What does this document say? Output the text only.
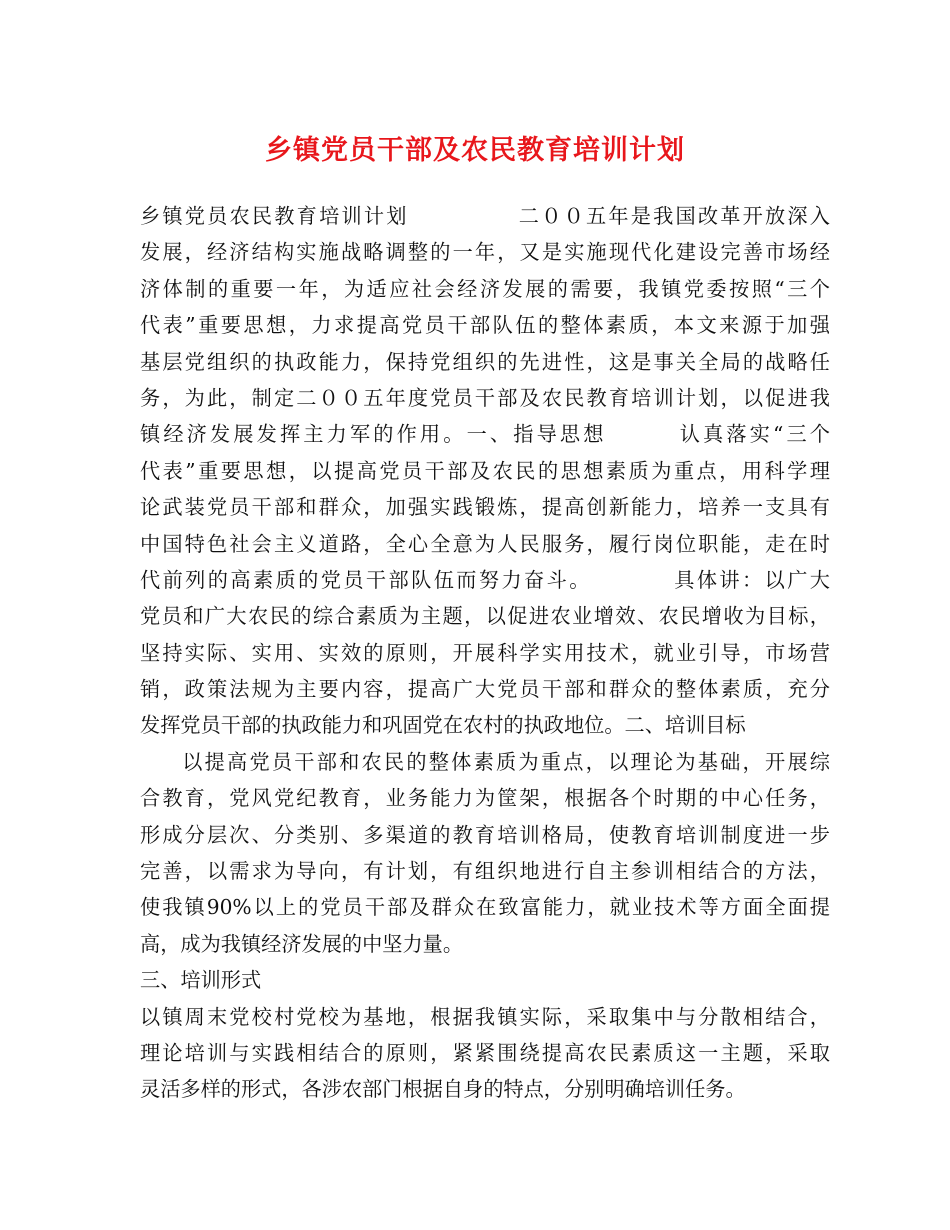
乡镇党员干部及农民教育培训计划
乡镇党员农民教育培训计划	二００五年是我国改革开放深入
发展，经济结构实施战略调整的一年，又是实施现代化建设完善市场经
济体制的重要一年，为适应社会经济发展的需要，我镇党委按照“三个
代表”重要思想，力求提高党员干部队伍的整体素质，本文来源于加强
基层党组织的执政能力，保持党组织的先进性，这是事关全局的战略任
务，为此，制定二００五年度党员干部及农民教育培训计划，以促进我
镇经济发展发挥主力军的作用。一、指导思想	认真落实“三个
代表”重要思想，以提高党员干部及农民的思想素质为重点，用科学理
论武装党员干部和群众，加强实践锻炼，提高创新能力，培养一支具有
中国特色社会主义道路，全心全意为人民服务，履行岗位职能，走在时
代前列的高素质的党员干部队伍而努力奋斗。	具体讲：以广大
党员和广大农民的综合素质为主题，以促进农业增效、农民增收为目标，
坚持实际、实用、实效的原则，开展科学实用技术，就业引导，市场营
销，政策法规为主要内容，提高广大党员干部和群众的整体素质，充分
发挥党员干部的执政能力和巩固党在农村的执政地位。二、培训目标
以提高党员干部和农民的整体素质为重点，以理论为基础，开展综
合教育，党风党纪教育，业务能力为筐架，根据各个时期的中心任务，
形成分层次、分类别、多渠道的教育培训格局，使教育培训制度进一步
完善，以需求为导向，有计划，有组织地进行自主参训相结合的方法，
使我镇90%以上的党员干部及群众在致富能力，就业技术等方面全面提
高，成为我镇经济发展的中坚力量。
三、培训形式
以镇周末党校村党校为基地，根据我镇实际，采取集中与分散相结合，
理论培训与实践相结合的原则，紧紧围绕提高农民素质这一主题，采取
灵活多样的形式，各涉农部门根据自身的特点，分别明确培训任务。
